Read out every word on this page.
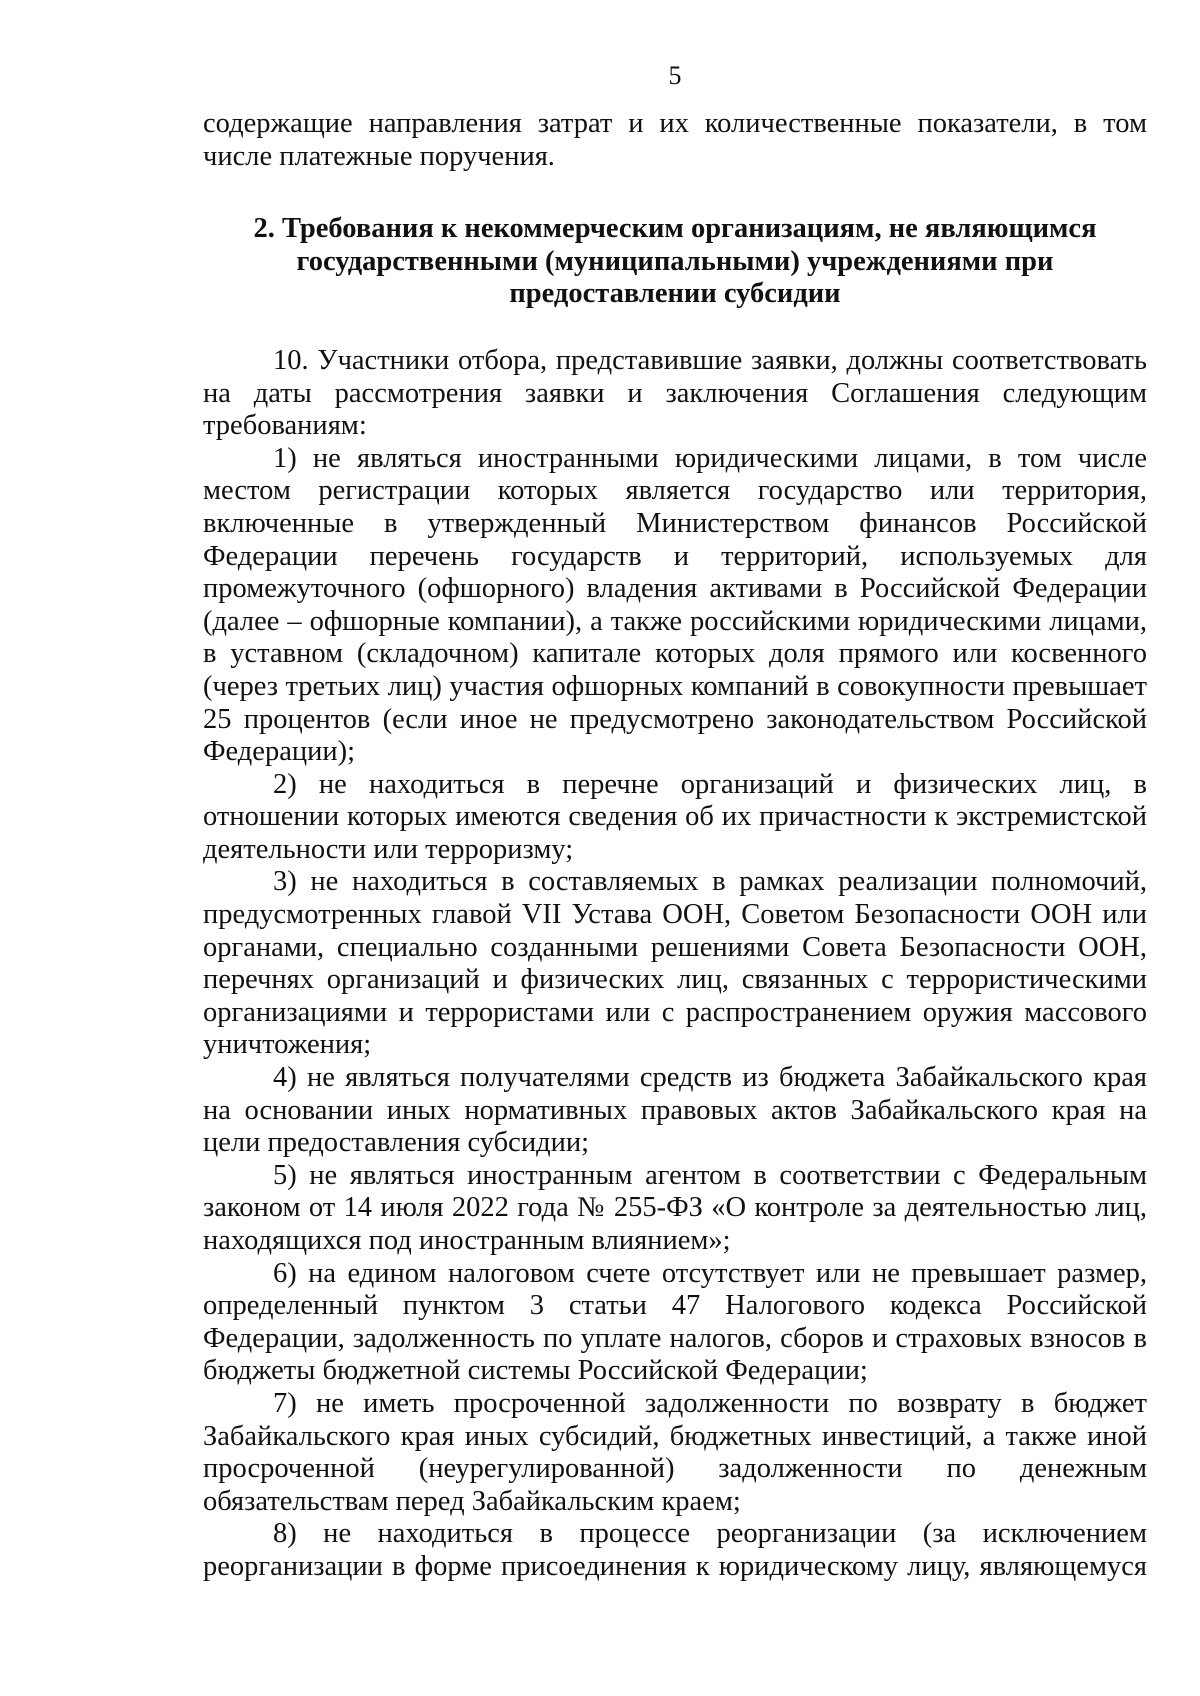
5

содержащие направления затрат и их количественные показатели, в том числе платежные поручения.

2. Требования к некоммерческим организациям, не являющимся
государственными (муниципальными) учреждениями при
предоставлении субсидии

10. Участники отбора, представившие заявки, должны соответствовать на даты рассмотрения заявки и заключения Соглашения следующим требованиям:

1) не являться иностранными юридическими лицами, в том числе местом регистрации которых является государство или территория, включенные в утвержденный Министерством финансов Российской Федерации перечень государств и территорий, используемых для промежуточного (офшорного) владения активами в Российской Федерации (далее – офшорные компании), а также российскими юридическими лицами, в уставном (складочном) капитале которых доля прямого или косвенного (через третьих лиц) участия офшорных компаний в совокупности превышает 25 процентов (если иное не предусмотрено законодательством Российской Федерации);

2) не находиться в перечне организаций и физических лиц, в отношении которых имеются сведения об их причастности к экстремистской деятельности или терроризму;

3) не находиться в составляемых в рамках реализации полномочий, предусмотренных главой VII Устава ООН, Советом Безопасности ООН или органами, специально созданными решениями Совета Безопасности ООН, перечнях организаций и физических лиц, связанных с террористическими организациями и террористами или с распространением оружия массового уничтожения;

4) не являться получателями средств из бюджета Забайкальского края на основании иных нормативных правовых актов Забайкальского края на цели предоставления субсидии;

5) не являться иностранным агентом в соответствии с Федеральным законом от 14 июля 2022 года № 255-ФЗ «О контроле за деятельностью лиц, находящихся под иностранным влиянием»;

6) на едином налоговом счете отсутствует или не превышает размер, определенный пунктом 3 статьи 47 Налогового кодекса Российской Федерации, задолженность по уплате налогов, сборов и страховых взносов в бюджеты бюджетной системы Российской Федерации;

7) не иметь просроченной задолженности по возврату в бюджет Забайкальского края иных субсидий, бюджетных инвестиций, а также иной просроченной (неурегулированной) задолженности по денежным обязательствам перед Забайкальским краем;

8) не находиться в процессе реорганизации (за исключением реорганизации в форме присоединения к юридическому лицу, являющемуся
